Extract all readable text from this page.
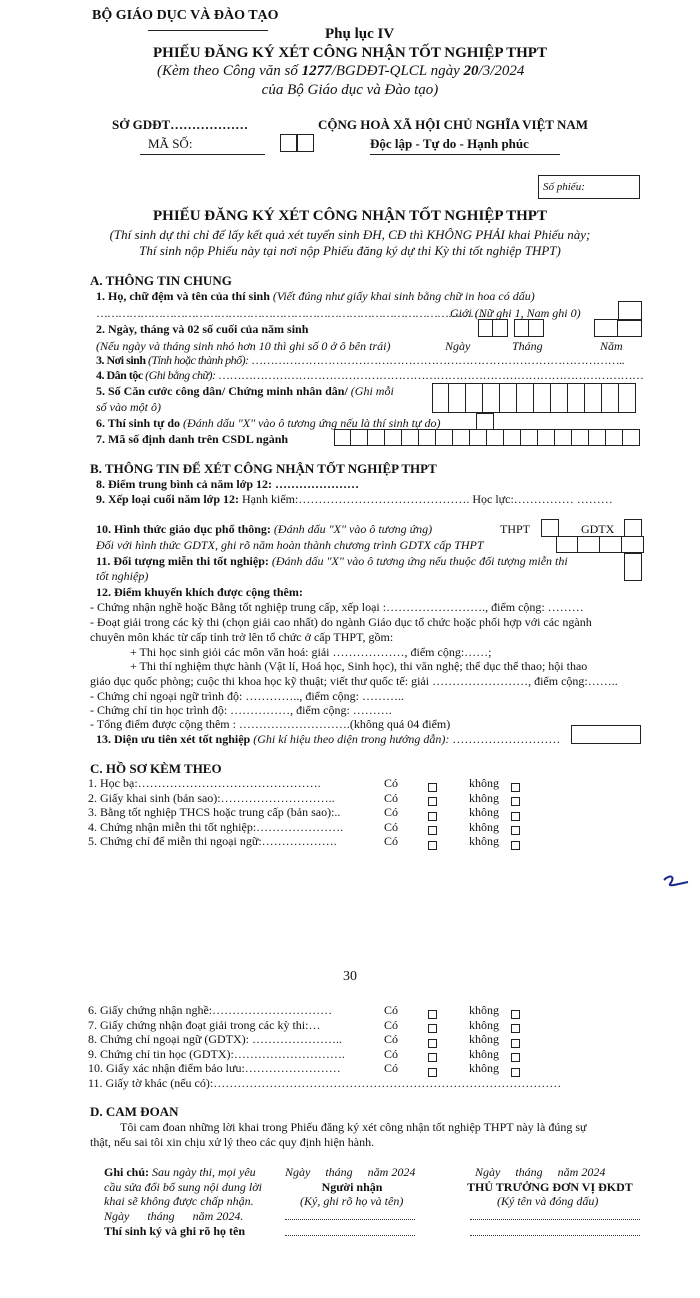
BỘ GIÁO DỤC VÀ ĐÀO TẠO
Phụ lục IV
PHIẾU ĐĂNG KÝ XÉT CÔNG NHẬN TỐT NGHIỆP THPT
(Kèm theo Công văn số 1277/BGDĐT-QLCL ngày 20/3/2024
của Bộ Giáo dục và Đào tạo)
SỞ GDĐT………………
MÃ SỐ:
CỘNG HOÀ XÃ HỘI CHỦ NGHĨA VIỆT NAM
Độc lập - Tự do - Hạnh phúc
Số phiếu:
PHIẾU ĐĂNG KÝ XÉT CÔNG NHẬN TỐT NGHIỆP THPT
(Thí sinh dự thi chỉ để lấy kết quả xét tuyển sinh ĐH, CĐ thì KHÔNG PHẢI khai Phiếu này;
Thí sinh nộp Phiếu này tại nơi nộp Phiếu đăng ký dự thi Kỳ thi tốt nghiệp THPT)
A. THÔNG TIN CHUNG
1. Họ, chữ đệm và tên của thí sinh (Viết đúng như giấy khai sinh bằng chữ in hoa có dấu)
……………………………………………………………………………………………..
Giới (Nữ ghi 1, Nam ghi 0)
2. Ngày, tháng và 02 số cuối của năm sinh
(Nếu ngày và tháng sinh nhỏ hơn 10 thì ghi số 0 ở ô bên trái)	Ngày	Tháng	Năm
3. Nơi sinh (Tỉnh hoặc thành phố): ……………………………………………………………………………………..
4. Dân tộc (Ghi bằng chữ): …………………………………………………………………………………………………
5. Số Căn cước công dân/ Chứng minh nhân dân/ (Ghi mỗi
số vào một ô)
6. Thí sinh tự do (Đánh dấu "X" vào ô tương ứng nếu là thí sinh tự do)
7. Mã số định danh trên CSDL ngành
B. THÔNG TIN ĐỂ XÉT CÔNG NHẬN TỐT NGHIỆP THPT
8. Điểm trung bình cả năm lớp 12: …………………
9. Xếp loại cuối năm lớp 12: Hạnh kiểm:……………………………………. Học lực:…………… ………
10. Hình thức giáo dục phổ thông: (Đánh dấu "X" vào ô tương ứng)	THPT	GDTX
Đối với hình thức GDTX, ghi rõ năm hoàn thành chương trình GDTX cấp THPT
11. Đối tượng miễn thi tốt nghiệp: (Đánh dấu "X" vào ô tương ứng nếu thuộc đối tượng miễn thi
tốt nghiệp)
12. Điểm khuyến khích được cộng thêm:
- Chứng nhận nghề hoặc Bằng tốt nghiệp trung cấp, xếp loại :……………………., điểm cộng: ………
- Đoạt giải trong các kỳ thi (chọn giải cao nhất) do ngành Giáo dục tổ chức hoặc phối hợp với các ngành
chuyên môn khác từ cấp tỉnh trở lên tổ chức ở cấp THPT, gồm:
+ Thi học sinh giỏi các môn văn hoá: giải ………………, điểm cộng:……;
+ Thi thí nghiệm thực hành (Vật lí, Hoá học, Sinh học), thi văn nghệ; thể dục thể thao; hội thao
giáo dục quốc phòng; cuộc thi khoa học kỹ thuật; viết thư quốc tế: giải ……………………, điểm cộng:……..
- Chứng chỉ ngoại ngữ trình độ: ………….., điểm cộng: ………..
- Chứng chỉ tin học trình độ: ……………, điểm cộng: ……….
- Tổng điểm được cộng thêm : ……………………….(không quá 04 điểm)
13. Diện ưu tiên xét tốt nghiệp (Ghi kí hiệu theo diện trong hướng dẫn): ………………………
C. HỒ SƠ KÈM THEO
1. Học bạ:……………………………………….	Có	không
2. Giấy khai sinh (bản sao):………………………..	Có	không
3. Bằng tốt nghiệp THCS hoặc trung cấp (bản sao):..	Có	không
4. Chứng nhận miễn thi tốt nghiệp:………………….	Có	không
5. Chứng chỉ để miễn thi ngoại ngữ:……………….	Có	không
30
6. Giấy chứng nhận nghề:…………………………	Có	không
7. Giấy chứng nhận đoạt giải trong các kỳ thi:…	Có	không
8. Chứng chỉ ngoại ngữ (GDTX): …………………..	Có	không
9. Chứng chỉ tin học (GDTX):……………………….	Có	không
10. Giấy xác nhận điểm bảo lưu:……………………	Có	không
11. Giấy tờ khác (nếu có):……………………………………………………………………………
D. CAM ĐOAN
Tôi cam đoan những lời khai trong Phiếu đăng ký xét công nhận tốt nghiệp THPT này là đúng sự
thật, nếu sai tôi xin chịu xử lý theo các quy định hiện hành.
Ghi chú: Sau ngày thi, mọi yêu
cầu sửa đổi bổ sung nội dung lời
khai sẽ không được chấp nhận.
Ngày      tháng      năm 2024.
Thí sinh ký và ghi rõ họ tên
Ngày     tháng     năm 2024
Người nhận
(Ký, ghi rõ họ và tên)
Ngày     tháng     năm 2024
THỦ TRƯỞNG ĐƠN VỊ ĐKDT
(Ký tên và đóng dấu)
